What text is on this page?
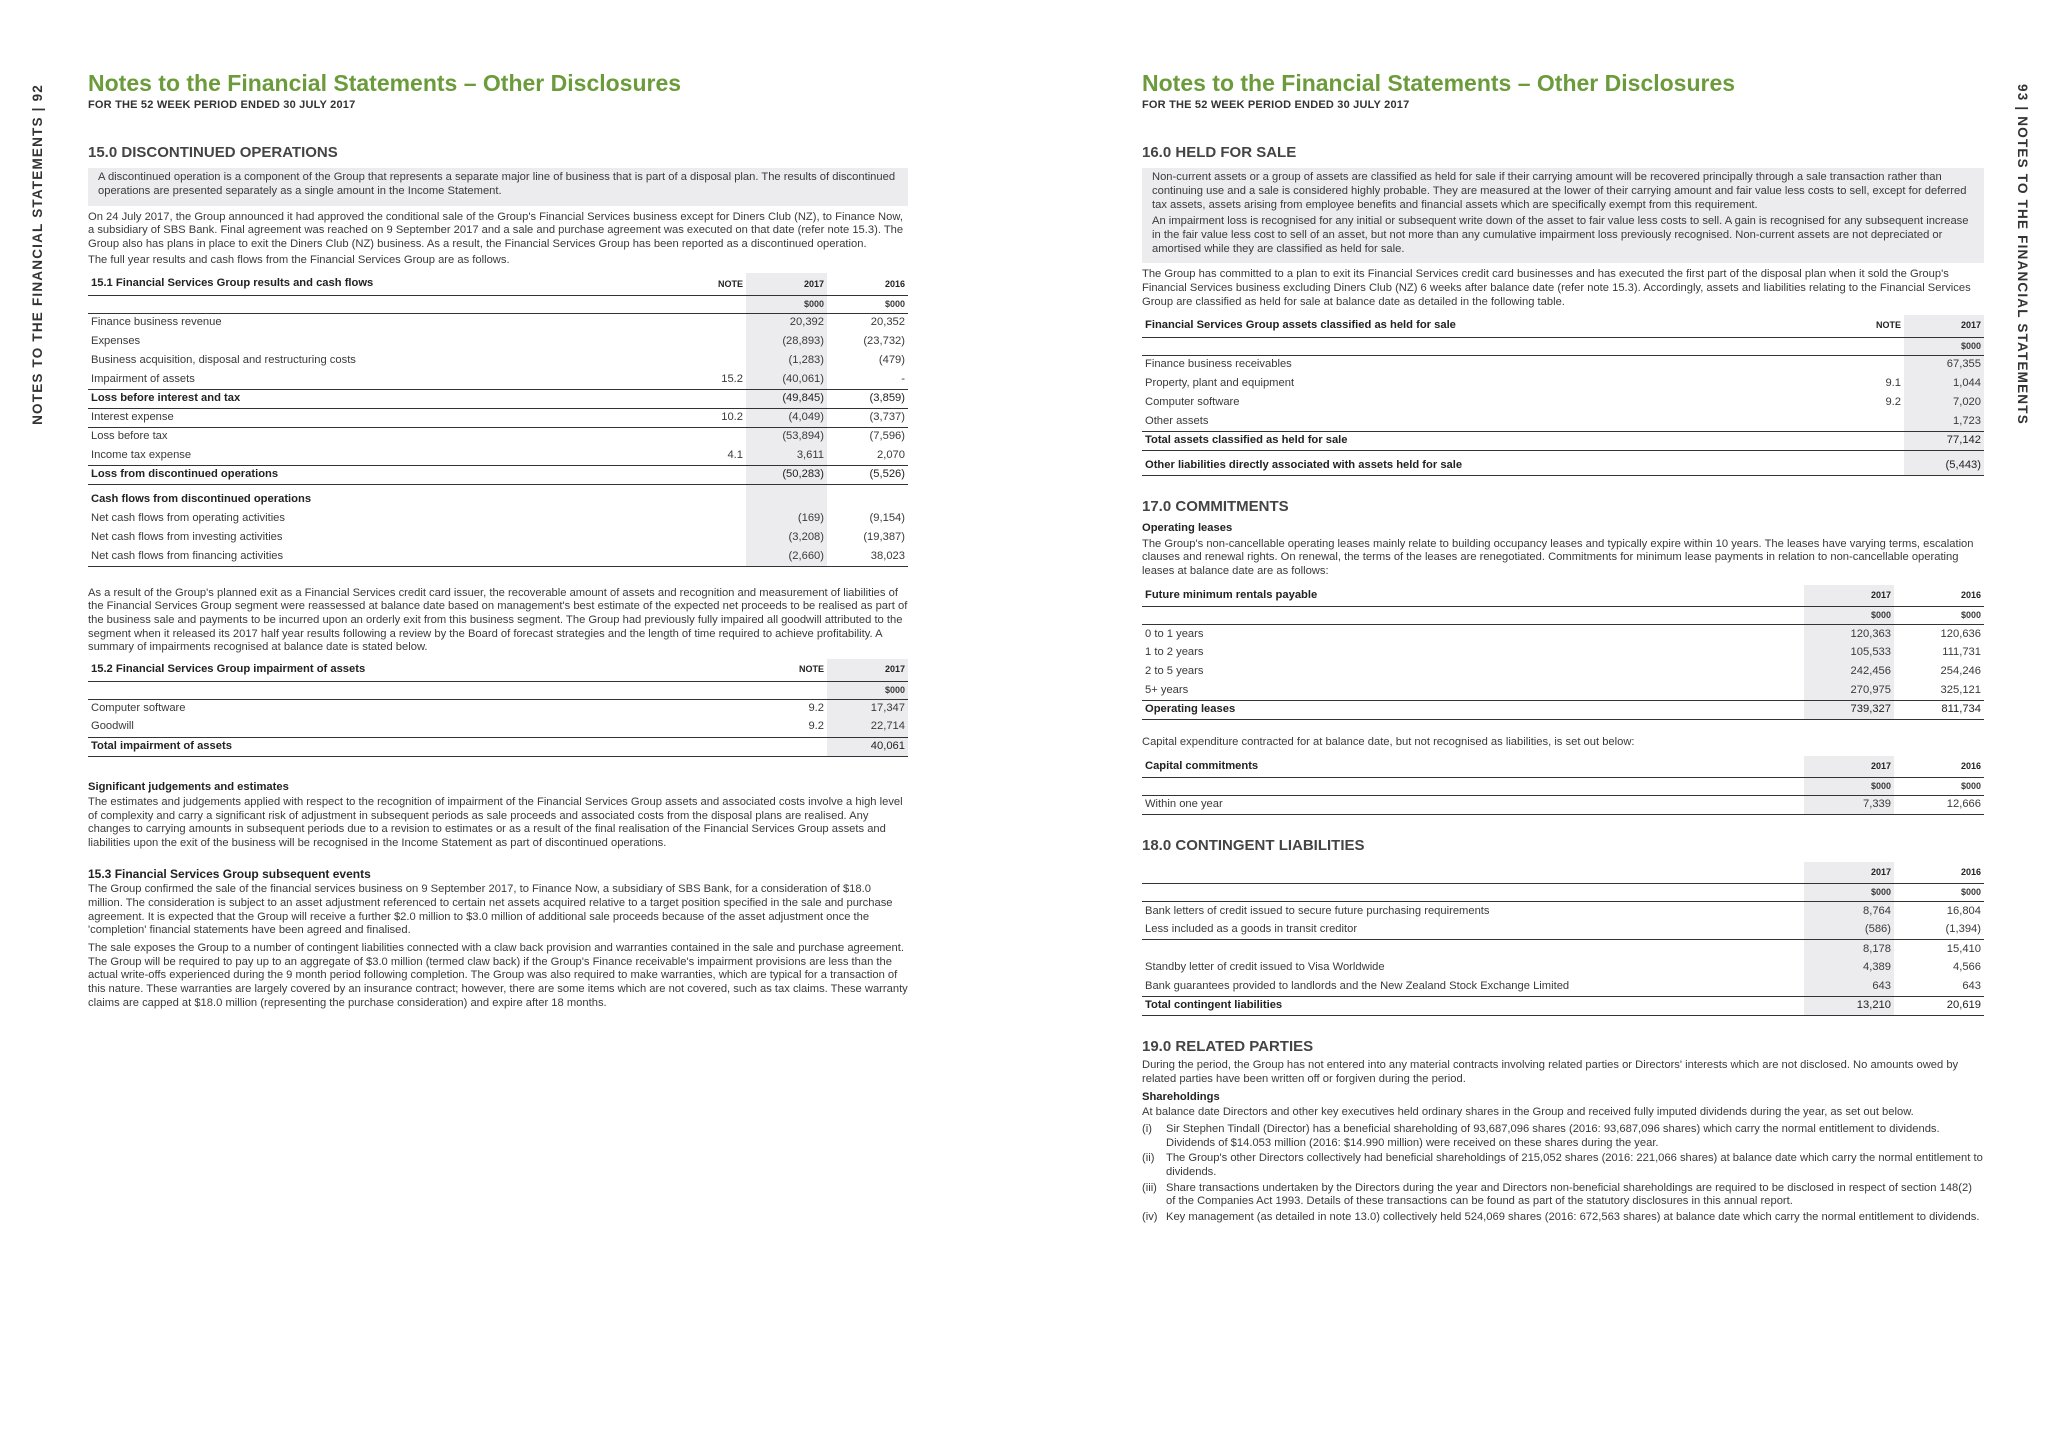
NOTES TO THE FINANCIAL STATEMENTS | 92
Notes to the Financial Statements – Other Disclosures
FOR THE 52 WEEK PERIOD ENDED 30 JULY 2017
15.0 DISCONTINUED OPERATIONS

A discontinued operation is a component of the Group that represents a separate major line of business that is part of a disposal plan. The results of discontinued operations are presented separately as a single amount in the Income Statement.

On 24 July 2017, the Group announced it had approved the conditional sale of the Group's Financial Services business except for Diners Club (NZ), to Finance Now, a subsidiary of SBS Bank. Final agreement was reached on 9 September 2017 and a sale and purchase agreement was executed on that date (refer note 15.3). The Group also has plans in place to exit the Diners Club (NZ) business. As a result, the Financial Services Group has been reported as a discontinued operation.

The full year results and cash flows from the Financial Services Group are as follows.

15.1 Financial Services Group results and cash flows	NOTE	2017	2016
		$000	$000
Finance business revenue		20,392	20,352
Expenses		(28,893)	(23,732)
Business acquisition, disposal and restructuring costs		(1,283)	(479)
Impairment of assets	15.2	(40,061)	-
Loss before interest and tax		(49,845)	(3,859)
Interest expense	10.2	(4,049)	(3,737)
Loss before tax		(53,894)	(7,596)
Income tax expense	4.1	3,611	2,070
Loss from discontinued operations		(50,283)	(5,526)

Cash flows from discontinued operations			
Net cash flows from operating activities		(169)	(9,154)
Net cash flows from investing activities		(3,208)	(19,387)
Net cash flows from financing activities		(2,660)	38,023

As a result of the Group's planned exit as a Financial Services credit card issuer, the recoverable amount of assets and recognition and measurement of liabilities of the Financial Services Group segment were reassessed at balance date based on management's best estimate of the expected net proceeds to be realised as part of the business sale and payments to be incurred upon an orderly exit from this business segment. The Group had previously fully impaired all goodwill attributed to the segment when it released its 2017 half year results following a review by the Board of forecast strategies and the length of time required to achieve profitability. A summary of impairments recognised at balance date is stated below.

15.2 Financial Services Group impairment of assets	NOTE	2017
		$000
Computer software	9.2	17,347
Goodwill	9.2	22,714
Total impairment of assets		40,061
Significant judgements and estimates

The estimates and judgements applied with respect to the recognition of impairment of the Financial Services Group assets and associated costs involve a high level of complexity and carry a significant risk of adjustment in subsequent periods as sale proceeds and associated costs from the disposal plans are realised. Any changes to carrying amounts in subsequent periods due to a revision to estimates or as a result of the final realisation of the Financial Services Group assets and liabilities upon the exit of the business will be recognised in the Income Statement as part of discontinued operations.

15.3 Financial Services Group subsequent events

The Group confirmed the sale of the financial services business on 9 September 2017, to Finance Now, a subsidiary of SBS Bank, for a consideration of $18.0 million. The consideration is subject to an asset adjustment referenced to certain net assets acquired relative to a target position specified in the sale and purchase agreement. It is expected that the Group will receive a further $2.0 million to $3.0 million of additional sale proceeds because of the asset adjustment once the 'completion' financial statements have been agreed and finalised.

The sale exposes the Group to a number of contingent liabilities connected with a claw back provision and warranties contained in the sale and purchase agreement. The Group will be required to pay up to an aggregate of $3.0 million (termed claw back) if the Group's Finance receivable's impairment provisions are less than the actual write-offs experienced during the 9 month period following completion. The Group was also required to make warranties, which are typical for a transaction of this nature. These warranties are largely covered by an insurance contract; however, there are some items which are not covered, such as tax claims. These warranty claims are capped at $18.0 million (representing the purchase consideration) and expire after 18 months.

93 | NOTES TO THE FINANCIAL STATEMENTS
Notes to the Financial Statements – Other Disclosures
FOR THE 52 WEEK PERIOD ENDED 30 JULY 2017
16.0 HELD FOR SALE

Non-current assets or a group of assets are classified as held for sale if their carrying amount will be recovered principally through a sale transaction rather than continuing use and a sale is considered highly probable. They are measured at the lower of their carrying amount and fair value less costs to sell, except for deferred tax assets, assets arising from employee benefits and financial assets which are specifically exempt from this requirement.

An impairment loss is recognised for any initial or subsequent write down of the asset to fair value less costs to sell. A gain is recognised for any subsequent increase in the fair value less cost to sell of an asset, but not more than any cumulative impairment loss previously recognised. Non-current assets are not depreciated or amortised while they are classified as held for sale.

The Group has committed to a plan to exit its Financial Services credit card businesses and has executed the first part of the disposal plan when it sold the Group's Financial Services business excluding Diners Club (NZ) 6 weeks after balance date (refer note 15.3). Accordingly, assets and liabilities relating to the Financial Services Group are classified as held for sale at balance date as detailed in the following table.

Financial Services Group assets classified as held for sale	NOTE	2017
		$000
Finance business receivables		67,355
Property, plant and equipment	9.1	1,044
Computer software	9.2	7,020
Other assets		1,723
Total assets classified as held for sale		77,142

Other liabilities directly associated with assets held for sale		(5,443)
17.0 COMMITMENTS
Operating leases

The Group's non-cancellable operating leases mainly relate to building occupancy leases and typically expire within 10 years. The leases have varying terms, escalation clauses and renewal rights. On renewal, the terms of the leases are renegotiated. Commitments for minimum lease payments in relation to non-cancellable operating leases at balance date are as follows:

Future minimum rentals payable	2017	2016
	$000	$000
0 to 1 years	120,363	120,636
1 to 2 years	105,533	111,731
2 to 5 years	242,456	254,246
5+ years	270,975	325,121
Operating leases	739,327	811,734

Capital expenditure contracted for at balance date, but not recognised as liabilities, is set out below:

Capital commitments	2017	2016
	$000	$000
Within one year	7,339	12,666
18.0 CONTINGENT LIABILITIES
	2017	2016
	$000	$000
Bank letters of credit issued to secure future purchasing requirements	8,764	16,804
Less included as a goods in transit creditor	(586)	(1,394)
	8,178	15,410
Standby letter of credit issued to Visa Worldwide	4,389	4,566
Bank guarantees provided to landlords and the New Zealand Stock Exchange Limited	643	643
Total contingent liabilities	13,210	20,619
19.0 RELATED PARTIES

During the period, the Group has not entered into any material contracts involving related parties or Directors' interests which are not disclosed. No amounts owed by related parties have been written off or forgiven during the period.

Shareholdings

At balance date Directors and other key executives held ordinary shares in the Group and received fully imputed dividends during the year, as set out below.

(i)	Sir Stephen Tindall (Director) has a beneficial shareholding of 93,687,096 shares (2016: 93,687,096 shares) which carry the normal entitlement to dividends. Dividends of $14.053 million (2016: $14.990 million) were received on these shares during the year.
(ii)	The Group's other Directors collectively had beneficial shareholdings of 215,052 shares (2016: 221,066 shares) at balance date which carry the normal entitlement to dividends.
(iii) Share transactions undertaken by the Directors during the year and Directors non-beneficial shareholdings are required to be disclosed in respect of section 148(2) of the Companies Act 1993. Details of these transactions can be found as part of the statutory disclosures in this annual report.
(iv) Key management (as detailed in note 13.0) collectively held 524,069 shares (2016: 672,563 shares) at balance date which carry the normal entitlement to dividends.
